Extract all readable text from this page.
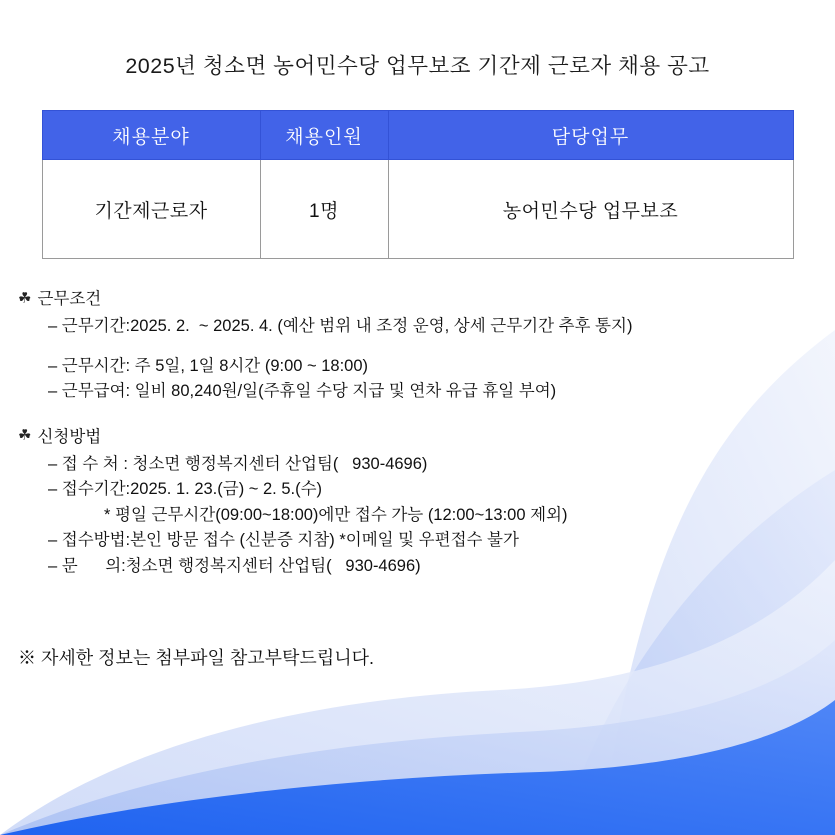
2025년 청소면 농어민수당 업무보조 기간제 근로자 채용 공고
채용분야	채용인원	담당업무
기간제근로자	1명	농어민수당 업무보조
☘ 근무조건
– 근무기간:2025. 2.  ~ 2025. 4. (예산 범위 내 조정 운영, 상세 근무기간 추후 통지)
– 근무시간: 주 5일, 1일 8시간 (9:00 ~ 18:00)
– 근무급여: 일비 80,240원/일(주휴일 수당 지급 및 연차 유급 휴일 부여)
☘ 신청방법
– 접 수 처 : 청소면 행정복지센터 산업팀(   930-4696)
– 접수기간:2025. 1. 23.(금) ~ 2. 5.(수)
* 평일 근무시간(09:00~18:00)에만 접수 가능 (12:00~13:00 제외)
– 접수방법:본인 방문 접수 (신분증 지참) *이메일 및 우편접수 불가
– 문      의:청소면 행정복지센터 산업팀(   930-4696)
※ 자세한 정보는 첨부파일 참고부탁드립니다.
